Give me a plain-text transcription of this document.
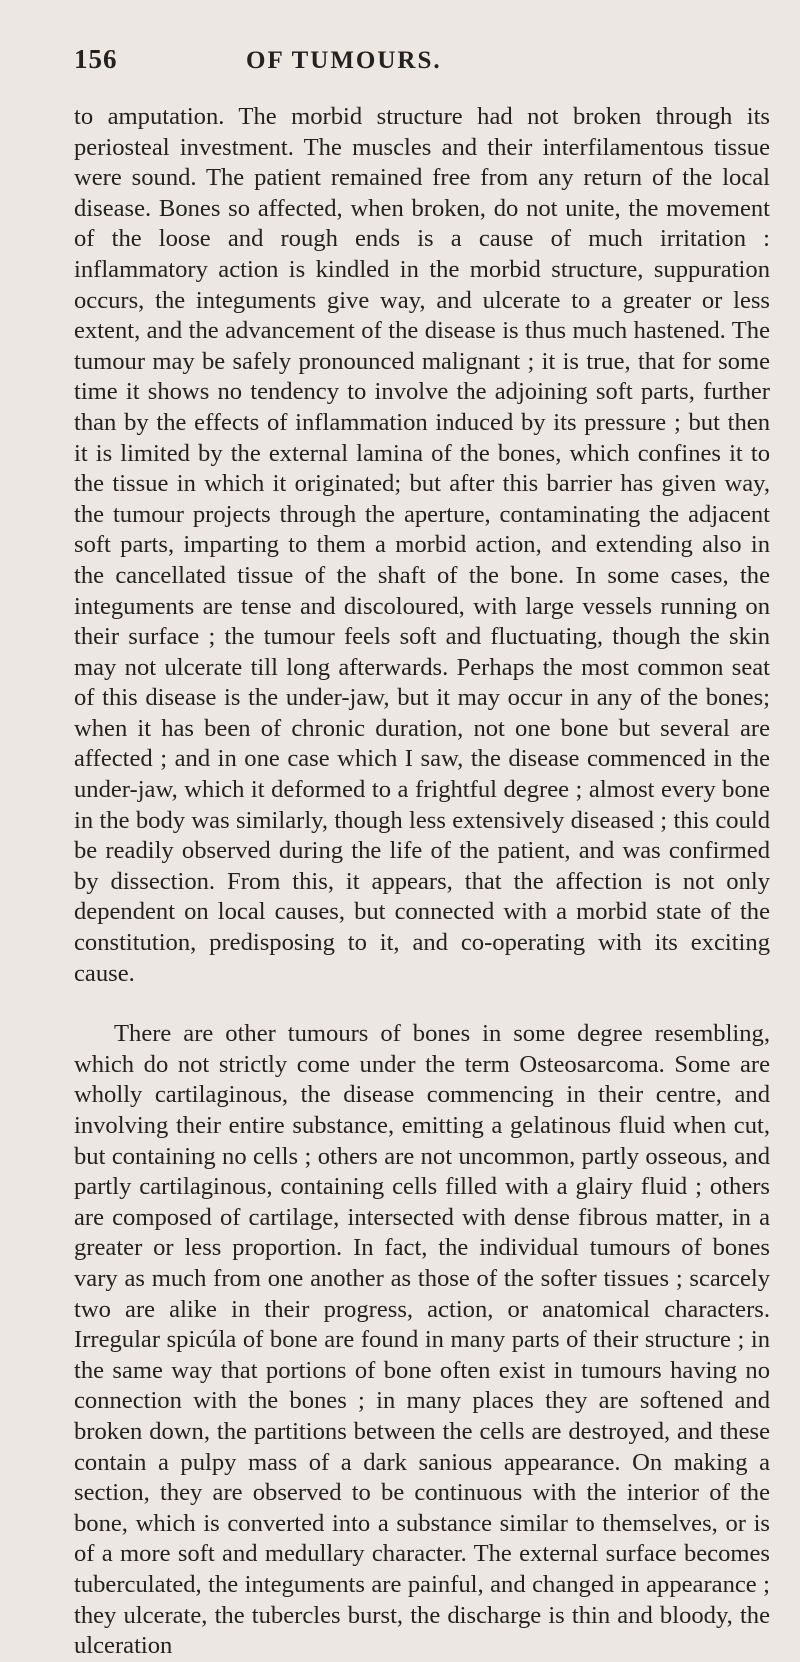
156	OF TUMOURS.

to amputation. The morbid structure had not broken through its periosteal investment. The muscles and their interfilamentous tissue were sound. The patient remained free from any return of the local disease. Bones so affected, when broken, do not unite, the movement of the loose and rough ends is a cause of much irritation : inflammatory action is kindled in the morbid structure, suppuration occurs, the integuments give way, and ulcerate to a greater or less extent, and the advancement of the disease is thus much hastened. The tumour may be safely pronounced malignant ; it is true, that for some time it shows no tendency to involve the adjoining soft parts, further than by the effects of inflammation induced by its pressure ; but then it is limited by the external lamina of the bones, which confines it to the tissue in which it originated; but after this barrier has given way, the tumour projects through the aperture, contaminating the adjacent soft parts, imparting to them a morbid action, and extending also in the cancellated tissue of the shaft of the bone. In some cases, the integuments are tense and discoloured, with large vessels running on their surface ; the tumour feels soft and fluctuating, though the skin may not ulcerate till long afterwards. Perhaps the most common seat of this disease is the under-jaw, but it may occur in any of the bones; when it has been of chronic duration, not one bone but several are affected ; and in one case which I saw, the disease commenced in the under-jaw, which it deformed to a frightful degree ; almost every bone in the body was similarly, though less extensively diseased ; this could be readily observed during the life of the patient, and was confirmed by dissection. From this, it appears, that the affection is not only dependent on local causes, but connected with a morbid state of the constitution, predisposing to it, and co-operating with its exciting cause.

There are other tumours of bones in some degree resembling, which do not strictly come under the term Osteosarcoma. Some are wholly cartilaginous, the disease commencing in their centre, and involving their entire substance, emitting a gelatinous fluid when cut, but containing no cells ; others are not uncommon, partly osseous, and partly cartilaginous, containing cells filled with a glairy fluid ; others are composed of cartilage, intersected with dense fibrous matter, in a greater or less proportion. In fact, the individual tumours of bones vary as much from one another as those of the softer tissues ; scarcely two are alike in their progress, action, or anatomical characters. Irregular spicúla of bone are found in many parts of their structure ; in the same way that portions of bone often exist in tumours having no connection with the bones ; in many places they are softened and broken down, the partitions between the cells are destroyed, and these contain a pulpy mass of a dark sanious appearance. On making a section, they are observed to be continuous with the interior of the bone, which is converted into a substance similar to themselves, or is of a more soft and medullary character. The external surface becomes tuberculated, the integuments are painful, and changed in appearance ; they ulcerate, the tubercles burst, the discharge is thin and bloody, the ulceration
